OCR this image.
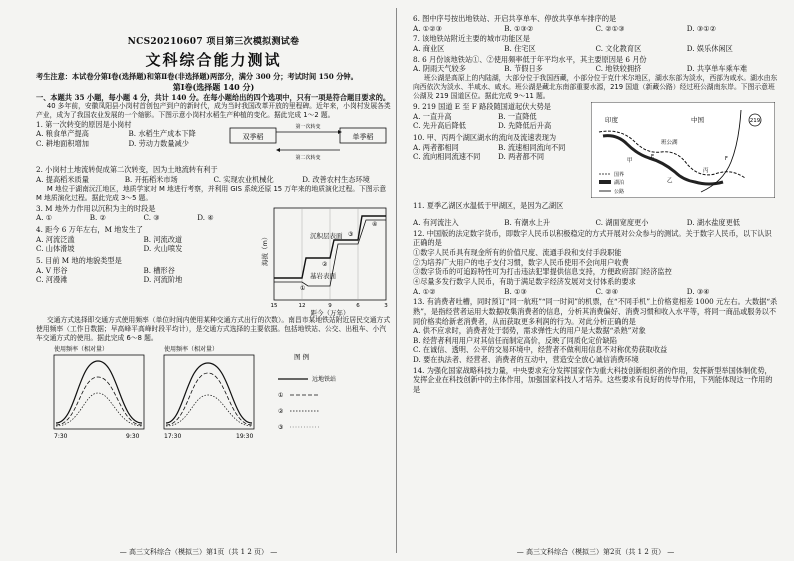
NCS20210607 项目第三次模拟测试卷

文科综合能力测试

考生注意：本试卷分第Ⅰ卷(选择题)和第Ⅱ卷(非选择题)两部分，满分 300 分；考试时间 150 分钟。

第Ⅰ卷(选择题 140 分)

一、本题共 35 小题，每小题 4 分，共计 140 分。在每小题给出的四个选项中，只有一项是符合题目要求的。

40 多年前，安徽凤阳县小岗村首创包产到户的新时代，成为当时我国改革开放的里程碑。近年来，小岗村发展各类产业，成为了我国农业发展的一个缩影。下图示意小岗村水稻生产种植的变化。据此完成 1～2 题。

1. 第一次转变的原因是小岗村

A. 粮食单产提高	B. 水稻生产成本下降
C. 耕地面积增加	D. 劳动力数量减少
双季稻	单季稻
第一次转变
第二次转变

2. 小岗村土地流转促成第二次转变，因为土地流转有利于

A. 提高稻米质量	B. 开拓稻米市场	C. 实现农业机械化	D. 改善农村生态环境

M 地位于湖南沅江地区，地质学家对 M 地进行考察，并利用 GIS 系统还原 15 万年来的地质演化过程。下图示意 M 地质演化过程。据此完成 3～5 题。

3. M 地外力作用以沉积为主的时段是

A. ①	B. ②	C. ③	D. ④

4. 距今 6 万年左右，M 地发生了

A. 河流泛滥	B. 河流改道
C. 山体滑坡	D. 火山喷发

5. 目前 M 地的地貌类型是

A. V 形谷	B. 槽形谷
C. 河漫滩	D. 河流阶地
沉积层表面
基岩表面
①
②
③
④
海拔（m）
15	12	9	6	3
距今（万年）

交通方式选择即交通方式使用频率（单位时间内使用某种交通方式出行的次数）。南昌市某地铁站附近居民交通方式使用频率（工作日数据；早高峰平高峰时段平均计），是交通方式选择的主要依据。包括地铁站、公交、出租车、小汽车交通方式的使用。据此完成 6～8 题。

使用频率（相对量）
7:30	9:30
使用频率（相对量）
17:30	19:30
图 例
远地铁站
①
②
③
— 高三文科综合（模拟三）第1页（共 1 2 页） —

6. 图中序号按出地铁站、开启共享单车、停放共享单车排序的是

A. ①②③	B. ①③②	C. ②①③	D. ③①②

7. 该地铁站附近主要的城市功能区是

A. 商业区	B. 住宅区	C. 文化教育区	D. 娱乐休闲区

8. 6 月份该地铁站①、②使用频率低于年平均水平，其主要原因是 6 月份

A. 阴雨天气较多	B. 节假日多	C. 地铁较拥挤	D. 共享单车乘车难

班公湖是高原上的内陆湖，大部分位于我国西藏，小部分位于克什米尔地区，湖水东部为淡水，西部为咸水。湖水由东向西依次为淡水、半咸水、咸水。班公湖是藏北东南部重要水源，219 国道（新藏公路）经过班公湖南东岸。下图示意班公湖及 219 国道区位。据此完成 9～11 题。

9. 219 国道 E 至 F 路段随国道起伏大势是

A. 一直升高	B. 一直降低
C. 先升高后降低	D. 先降低后升高

10. 甲、丙两个湖区湖水的流向及流速表现为

A. 两者都相同	B. 流速相同流向不同
C. 流向相同流速不同	D. 两者都不同
219
印度	中国
班公湖
甲
乙
丙
E	F
国界
湖泊
公路

11. 夏季乙湖区水温低于甲湖区，是因为乙湖区

A. 有河流注入	B. 有潮水上升	C. 湖面宽度更小	D. 湖水盐度更低

12. 中国版的法定数字货币，即数字人民币以积极稳定的方式开展对公众参与的测试。关于数字人民币，以下认识正确的是

①数字人民币具有现金所有的价值尺度、流通手段和支付手段职能

②为培养广大用户的电子支付习惯，数字人民币使用不会向用户收费

③数字货币的可追踪特性可为打击违法犯罪提供信息支持，方便政府部门经济监控

④尽量多发行数字人民币，有助于满足数字经济发展对支付体系的要求

A. ①②	B. ①③	C. ②④	D. ③④

13. 有消费者吐槽，同时预订“同一航班”“同一时间”的机票，在“不同手机”上价格竟相差 1000 元左右。大数据“杀熟”，是指经营者运用大数据收集消费者的信息，分析其消费偏好、消费习惯和收入水平等，将同一商品或服务以不同价格卖给新老消费者，从而获取更多利润的行为。对此分析正确的是

A. 供不应求时，消费者处于弱势，需求弹性大的用户是大数据“杀熟”对象

B. 经营者利用用户对其信任而制定高价，反映了同质化定价缺陷

C. 在诚信、透明、公平的交易环境中，经营者不做利用信息不对称优势获取收益

D. 要在执法者、经营者、消费者的互动中，营造安全放心诚信消费环境

14. 为强化国家战略科技力量，中央要求充分发挥国家作为重大科技创新组织者的作用，发挥新型举国体制优势，发挥企业在科技创新中的主体作用，加强国家科技人才培养。这些要求有良好的传导作用，下列能体现这一作用的是

— 高三文科综合（模拟三）第2页（共 1 2 页） —
